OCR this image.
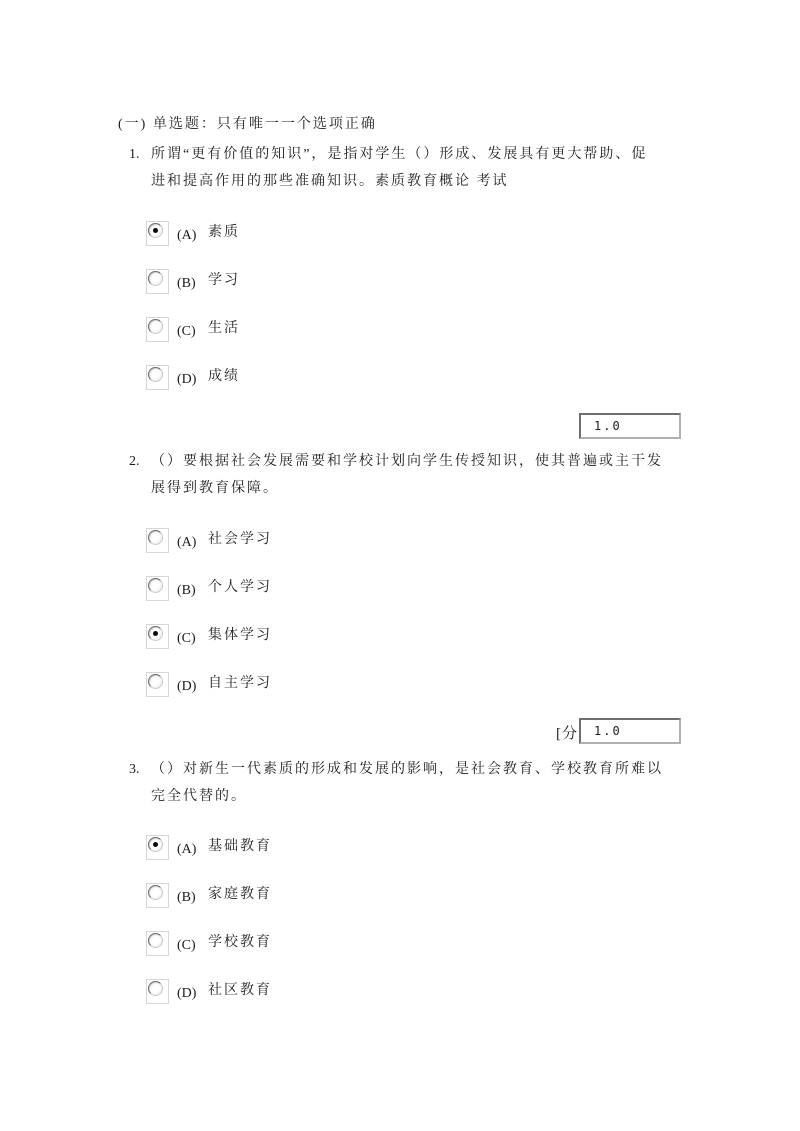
(一) 单选题：只有唯一一个选项正确
1. 所谓“更有价值的知识”，是指对学生（）形成、发展具有更大帮助、促
进和提高作用的那些准确知识。素质教育概论 考试
(A) 素质
(B) 学习
(C) 生活
(D) 成绩
1.0
2. （）要根据社会发展需要和学校计划向学生传授知识，使其普遍或主干发
展得到教育保障。
(A) 社会学习
(B) 个人学习
(C) 集体学习
(D) 自主学习
[分
1.0
3. （）对新生一代素质的形成和发展的影响，是社会教育、学校教育所难以
完全代替的。
(A) 基础教育
(B) 家庭教育
(C) 学校教育
(D) 社区教育
